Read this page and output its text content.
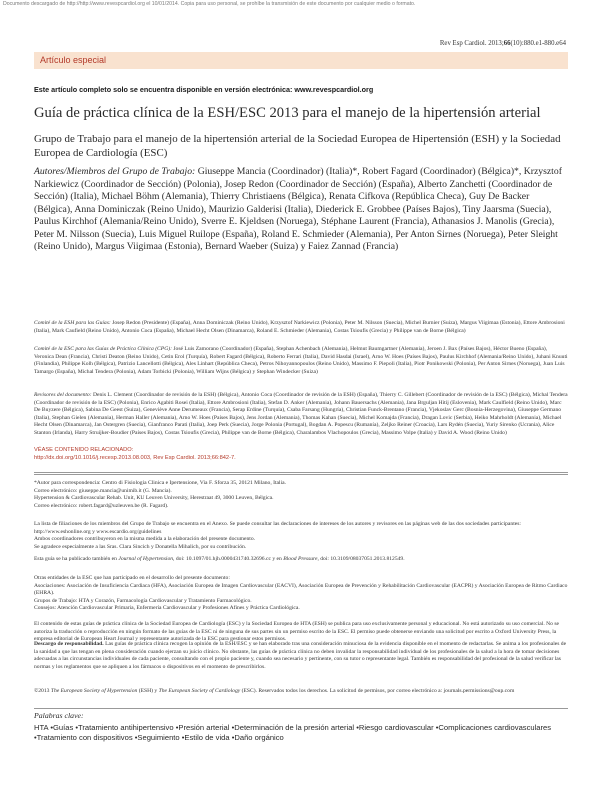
Documento descargado de http://http://www.revespcardiol.org el 10/01/2014. Copia para uso personal, se prohíbe la transmisión de este documento por cualquier medio o formato.
Rev Esp Cardiol. 2013;66(10):880.e1-880.e64
Artículo especial

Este artículo completo solo se encuentra disponible en versión electrónica: www.revespcardiol.org

Guía de práctica clínica de la ESH/ESC 2013 para el manejo de la hipertensión arterial
Grupo de Trabajo para el manejo de la hipertensión arterial de la Sociedad Europea de Hipertensión (ESH) y la Sociedad Europea de Cardiología (ESC)

Autores/Miembros del Grupo de Trabajo: Giuseppe Mancia (Coordinador) (Italia)*, Robert Fagard (Coordinador) (Bélgica)*, Krzysztof Narkiewicz (Coordinador de Sección) (Polonia), Josep Redon (Coordinador de Sección) (España), Alberto Zanchetti (Coordinador de Sección) (Italia), Michael Böhm (Alemania), Thierry Christiaens (Bélgica), Renata Cifkova (República Checa), Guy De Backer (Bélgica), Anna Dominiczak (Reino Unido), Maurizio Galderisi (Italia), Diederick E. Grobbee (Países Bajos), Tiny Jaarsma (Suecia), Paulus Kirchhof (Alemania/Reino Unido), Sverre E. Kjeldsen (Noruega), Stéphane Laurent (Francia), Athanasios J. Manolis (Grecia), Peter M. Nilsson (Suecia), Luis Miguel Ruilope (España), Roland E. Schmieder (Alemania), Per Anton Sirnes (Noruega), Peter Sleight (Reino Unido), Margus Viigimaa (Estonia), Bernard Waeber (Suiza) y Faiez Zannad (Francia)

Comité de la ESH para las Guías: Josep Redon (Presidente) (España), Anna Dominiczak (Reino Unido), Krzysztof Narkiewicz (Polonia), Peter M. Nilsson (Suecia), Michel Burnier (Suiza), Margus Viigimaa (Estonia), Ettore Ambrosioni (Italia), Mark Caufield (Reino Unido), Antonio Coca (España), Michael Hecht Olsen (Dinamarca), Roland E. Schmieder (Alemania), Costas Tsioufis (Grecia) y Philippe van de Borne (Bélgica)

Comité de la ESC para las Guías de Práctica Clínica (CPG): José Luis Zamorano (Coordinador) (España), Stephan Achenbach (Alemania), Helmut Baumgartner (Alemania), Jeroen J. Bax (Países Bajos), Héctor Bueno (España), Veronica Dean (Francia), Christi Deaton (Reino Unido), Cetin Erol (Turquía), Robert Fagard (Bélgica), Roberto Ferrari (Italia), David Hasdai (Israel), Arno W. Hoes (Países Bajos), Paulus Kirchhof (Alemania/Reino Unido), Juhani Knuuti (Finlandia), Philippe Kolh (Bélgica), Patrizio Lancellotti (Bélgica), Ales Linhart (República Checa), Petros Nihoyannopoulos (Reino Unido), Massimo F. Piepoli (Italia), Piotr Ponikowski (Polonia), Per Anton Sirnes (Noruega), Juan Luis Tamargo (España), Michal Tendera (Polonia), Adam Torbicki (Polonia), William Wijns (Bélgica) y Stephan Windecker (Suiza)

Revisores del documento: Denis L. Clement (Coordinador de revisión de la ESH) (Bélgica), Antonio Coca (Coordinador de revisión de la ESH) (España), Thierry C. Gillebert (Coordinador de revisión de la ESC) (Bélgica), Michal Tendera (Coordinador de revisión de la ESC) (Polonia), Enrico Agabiti Rosei (Italia), Ettore Ambrosioni (Italia), Stefan D. Anker (Alemania), Johann Bauersachs (Alemania), Jana Brguljan Hitij (Eslovenia), Mark Caulfield (Reino Unido), Marc De Buyzere (Bélgica), Sabina De Geest (Suiza), Geneviève Anne Derumeaux (Francia), Serap Erdine (Turquía), Csaba Farsang (Hungría), Christian Funck-Brentano (Francia), Vjekoslav Gerc (Bosnia-Herzegovina), Giuseppe Germano (Italia), Stephan Gielen (Alemania), Herman Haller (Alemania), Arno W. Hoes (Países Bajos), Jens Jordan (Alemania), Thomas Kahan (Suecia), Michel Komajda (Francia), Dragan Lovic (Serbia), Heiko Mahrholdt (Alemania), Michael Hecht Olsen (Dinamarca), Jan Ostergren (Suecia), Gianfranco Parati (Italia), Joep Perk (Suecia), Jorge Polonia (Portugal), Bogdan A. Popescu (Rumanía), Zeljko Reiner (Croacia), Lars Rydén (Suecia), Yuriy Sirenko (Ucrania), Alice Stanton (Irlanda), Harry Struijker-Boudier (Países Bajos), Costas Tsioufis (Grecia), Philippe van de Borne (Bélgica), Charalambos Vlachopoulos (Grecia), Massimo Volpe (Italia) y David A. Wood (Reino Unido)

VÉASE CONTENIDO RELACIONADO:
http://dx.doi.org/10.1016/j.recesp.2013.08.003, Rev Esp Cardiol. 2013;66:842-7.
*Autor para correspondencia: Centro di Fisiologia Clinica e Ipertensione, Via F. Sforza 35, 20121 Milano, Italia.
Correo electrónico: giuseppe.mancia@unimib.it (G. Mancia).
Hypertension & Cardiovascular Rehab. Unit, KU Leuven University, Herestraat 49, 3000 Leuven, Bélgica.
Correo electrónico: robert.fagard@uzleuven.be (R. Fagard).
La lista de filiaciones de los miembros del Grupo de Trabajo se encuentra en el Anexo. Se puede consultar las declaraciones de intereses de los autores y revisores en las páginas web de las dos sociedades participantes: http://www.eshonline.org y www.escardio.org/guidelines
Ambos coordinadores contribuyeron en la misma medida a la elaboración del presente documento.
Se agradece especialmente a las Sras. Clara Sincich y Donatella Mihalich, por su contribución.

Esta guía se ha publicado también en Journal of Hypertension, doi: 10.1097/01.hjh.0000431740.32696.cc y en Blood Pressure, doi: 10.3109/08037051.2013.812549.

Otras entidades de la ESC que han participado en el desarrollo del presente documento:
Asociaciones: Asociación de Insuficiencia Cardiaca (HFA), Asociación Europea de Imagen Cardiovascular (EACVI), Asociación Europea de Prevención y Rehabilitación Cardiovascular (EACPR) y Asociación Europea de Ritmo Cardiaco (EHRA).
Grupos de Trabajo: HTA y Corazón, Farmacología Cardiovascular y Tratamiento Farmacológico.
Consejos: Atención Cardiovascular Primaria, Enfermería Cardiovascular y Profesiones Afines y Práctica Cardiológica.

El contenido de estas guías de práctica clínica de la Sociedad Europea de Cardiología (ESC) y la Sociedad Europea de HTA (ESH) se publica para uso exclusivamente personal y educacional. No está autorizado su uso comercial. No se autoriza la traducción o reproducción en ningún formato de las guías de la ESC ni de ninguna de sus partes sin un permiso escrito de la ESC. El permiso puede obtenerse enviando una solicitud por escrito a Oxford University Press, la empresa editorial de European Heart Journal y representante autorizada de la ESC para gestionar estos permisos.

Descargo de responsabilidad. Las guías de práctica clínica recogen la opinión de la ESH/ESC y se han elaborado tras una consideración minuciosa de la evidencia disponible en el momento de redactarlas. Se anima a los profesionales de la sanidad a que las tengan en plena consideración cuando ejerzan su juicio clínico. No obstante, las guías de práctica clínica no deben invalidar la responsabilidad individual de los profesionales de la salud a la hora de tomar decisiones adecuadas a las circunstancias individuales de cada paciente, consultando con el propio paciente y, cuando sea necesario y pertinente, con su tutor o representante legal. También es responsabilidad del profesional de la salud verificar las normas y los reglamentos que se apliquen a los fármacos o dispositivos en el momento de prescribirlos.

©2013 The European Society of Hypertension (ESH) y The European Society of Cardiology (ESC). Reservados todos los derechos. La solicitud de permisos, por correo electrónico a: journals.permissions@oup.com

Palabras clave:
HTA • Guías • Tratamiento antihipertensivo • Presión arterial • Determinación de la presión arterial • Riesgo cardiovascular • Complicaciones cardiovasculares • Tratamiento con dispositivos • Seguimiento • Estilo de vida • Daño orgánico
